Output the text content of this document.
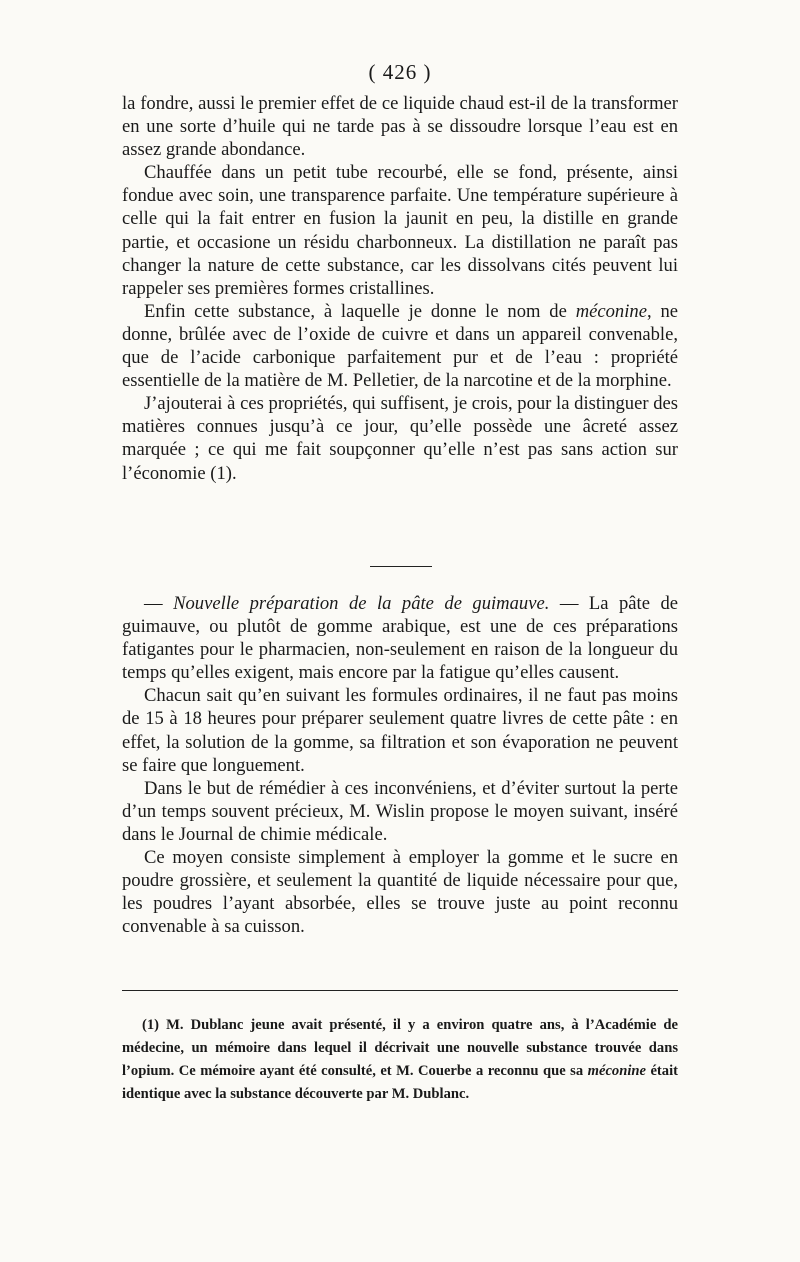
( 426 )

la fondre, aussi le premier effet de ce liquide chaud est-il de la transformer en une sorte d’huile qui ne tarde pas à se dissoudre lorsque l’eau est en assez grande abondance.

Chauffée dans un petit tube recourbé, elle se fond, présente, ainsi fondue avec soin, une transparence parfaite. Une température supérieure à celle qui la fait entrer en fusion la jaunit en peu, la distille en grande partie, et occasione un résidu charbonneux. La distillation ne paraît pas changer la nature de cette substance, car les dissolvans cités peuvent lui rappeler ses premières formes cristallines.

Enfin cette substance, à laquelle je donne le nom de méconine, ne donne, brûlée avec de l’oxide de cuivre et dans un appareil convenable, que de l’acide carbonique parfaitement pur et de l’eau : propriété essentielle de la matière de M. Pelletier, de la narcotine et de la morphine.

J’ajouterai à ces propriétés, qui suffisent, je crois, pour la distinguer des matières connues jusqu’à ce jour, qu’elle possède une âcreté assez marquée ; ce qui me fait soupçonner qu’elle n’est pas sans action sur l’économie (1).

— Nouvelle préparation de la pâte de guimauve. — La pâte de guimauve, ou plutôt de gomme arabique, est une de ces préparations fatigantes pour le pharmacien, non-seulement en raison de la longueur du temps qu’elles exigent, mais encore par la fatigue qu’elles causent.

Chacun sait qu’en suivant les formules ordinaires, il ne faut pas moins de 15 à 18 heures pour préparer seulement quatre livres de cette pâte : en effet, la solution de la gomme, sa filtration et son évaporation ne peuvent se faire que longuement.

Dans le but de rémédier à ces inconvéniens, et d’éviter surtout la perte d’un temps souvent précieux, M. Wislin propose le moyen suivant, inséré dans le Journal de chimie médicale.

Ce moyen consiste simplement à employer la gomme et le sucre en poudre grossière, et seulement la quantité de liquide nécessaire pour que, les poudres l’ayant absorbée, elles se trouve juste au point reconnu convenable à sa cuisson.

(1) M. Dublanc jeune avait présenté, il y a environ quatre ans, à l’Académie de médecine, un mémoire dans lequel il décrivait une nouvelle substance trouvée dans l’opium. Ce mémoire ayant été consulté, et M. Couerbe a reconnu que sa méconine était identique avec la substance découverte par M. Dublanc.
